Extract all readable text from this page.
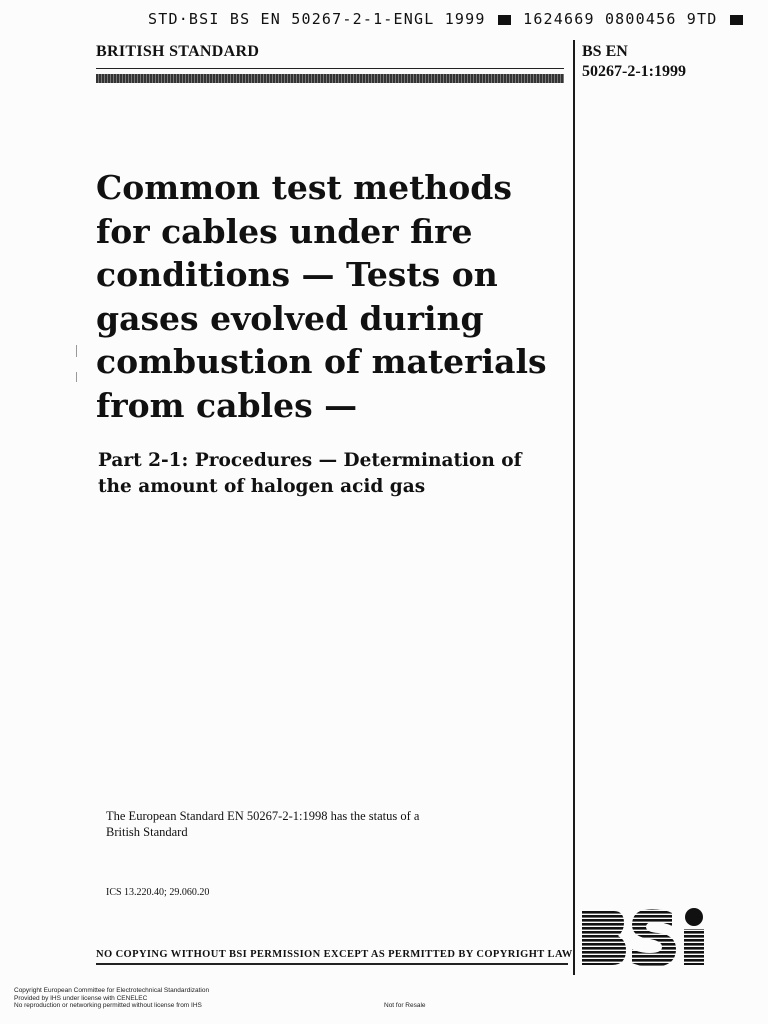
STD·BSI BS EN 50267-2-1-ENGL 1999 1624669 0800456 9TD
BRITISH STANDARD	BS EN
50267-2-1:1999
Common test methods
for cables under fire
conditions — Tests on
gases evolved during
combustion of materials
from cables —
Part 2-1: Procedures — Determination of
the amount of halogen acid gas
The European Standard EN 50267-2-1:1998 has the status of a
British Standard
ICS 13.220.40; 29.060.20
NO COPYING WITHOUT BSI PERMISSION EXCEPT AS PERMITTED BY COPYRIGHT LAW
Copyright European Committee for Electrotechnical Standardization
Provided by IHS under license with CENELEC
No reproduction or networking permitted without license from IHS	Not for Resale
